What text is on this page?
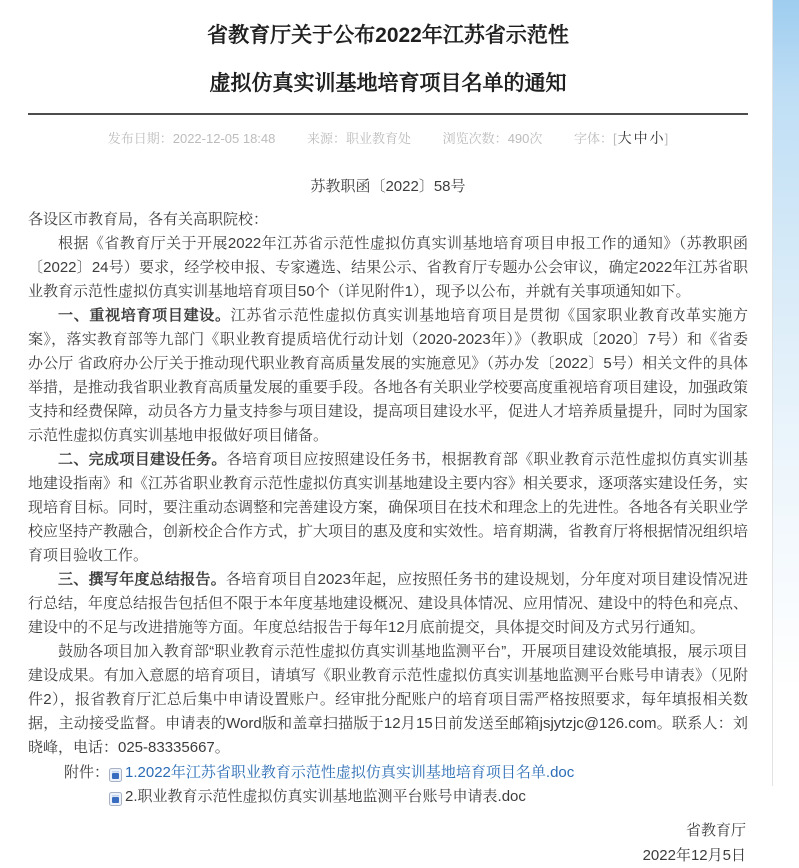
省教育厅关于公布2022年江苏省示范性
虚拟仿真实训基地培育项目名单的通知
发布日期：2022-12-05 18:48 来源：职业教育处 浏览次数：490次 字体：[大 中 小]
苏教职函〔2022〕58号
各设区市教育局，各有关高职院校：

根据《省教育厅关于开展2022年江苏省示范性虚拟仿真实训基地培育项目申报工作的通知》（苏教职函〔2022〕24号）要求，经学校申报、专家遴选、结果公示、省教育厅专题办公会审议，确定2022年江苏省职业教育示范性虚拟仿真实训基地培育项目50个（详见附件1），现予以公布，并就有关事项通知如下。

一、重视培育项目建设。江苏省示范性虚拟仿真实训基地培育项目是贯彻《国家职业教育改革实施方案》，落实教育部等九部门《职业教育提质培优行动计划（2020-2023年）》（教职成〔2020〕7号）和《省委办公厅 省政府办公厅关于推动现代职业教育高质量发展的实施意见》（苏办发〔2022〕5号）相关文件的具体举措，是推动我省职业教育高质量发展的重要手段。各地各有关职业学校要高度重视培育项目建设，加强政策支持和经费保障，动员各方力量支持参与项目建设，提高项目建设水平，促进人才培养质量提升，同时为国家示范性虚拟仿真实训基地申报做好项目储备。

二、完成项目建设任务。各培育项目应按照建设任务书，根据教育部《职业教育示范性虚拟仿真实训基地建设指南》和《江苏省职业教育示范性虚拟仿真实训基地建设主要内容》相关要求，逐项落实建设任务，实现培育目标。同时，要注重动态调整和完善建设方案，确保项目在技术和理念上的先进性。各地各有关职业学校应坚持产教融合，创新校企合作方式，扩大项目的惠及度和实效性。培育期满，省教育厅将根据情况组织培育项目验收工作。

三、撰写年度总结报告。各培育项目自2023年起，应按照任务书的建设规划，分年度对项目建设情况进行总结，年度总结报告包括但不限于本年度基地建设概况、建设具体情况、应用情况、建设中的特色和亮点、建设中的不足与改进措施等方面。年度总结报告于每年12月底前提交，具体提交时间及方式另行通知。

鼓励各项目加入教育部“职业教育示范性虚拟仿真实训基地监测平台”，开展项目建设效能填报，展示项目建设成果。有加入意愿的培育项目，请填写《职业教育示范性虚拟仿真实训基地监测平台账号申请表》（见附件2），报省教育厅汇总后集中申请设置账户。经审批分配账户的培育项目需严格按照要求，每年填报相关数据，主动接受监督。申请表的Word版和盖章扫描版于12月15日前发送至邮箱jsjytzjc@126.com。联系人：刘晓峰，电话：025-83335667。

附件： 1.2022年江苏省职业教育示范性虚拟仿真实训基地培育项目名单.doc
2.职业教育示范性虚拟仿真实训基地监测平台账号申请表.doc
省教育厅
2022年12月5日
